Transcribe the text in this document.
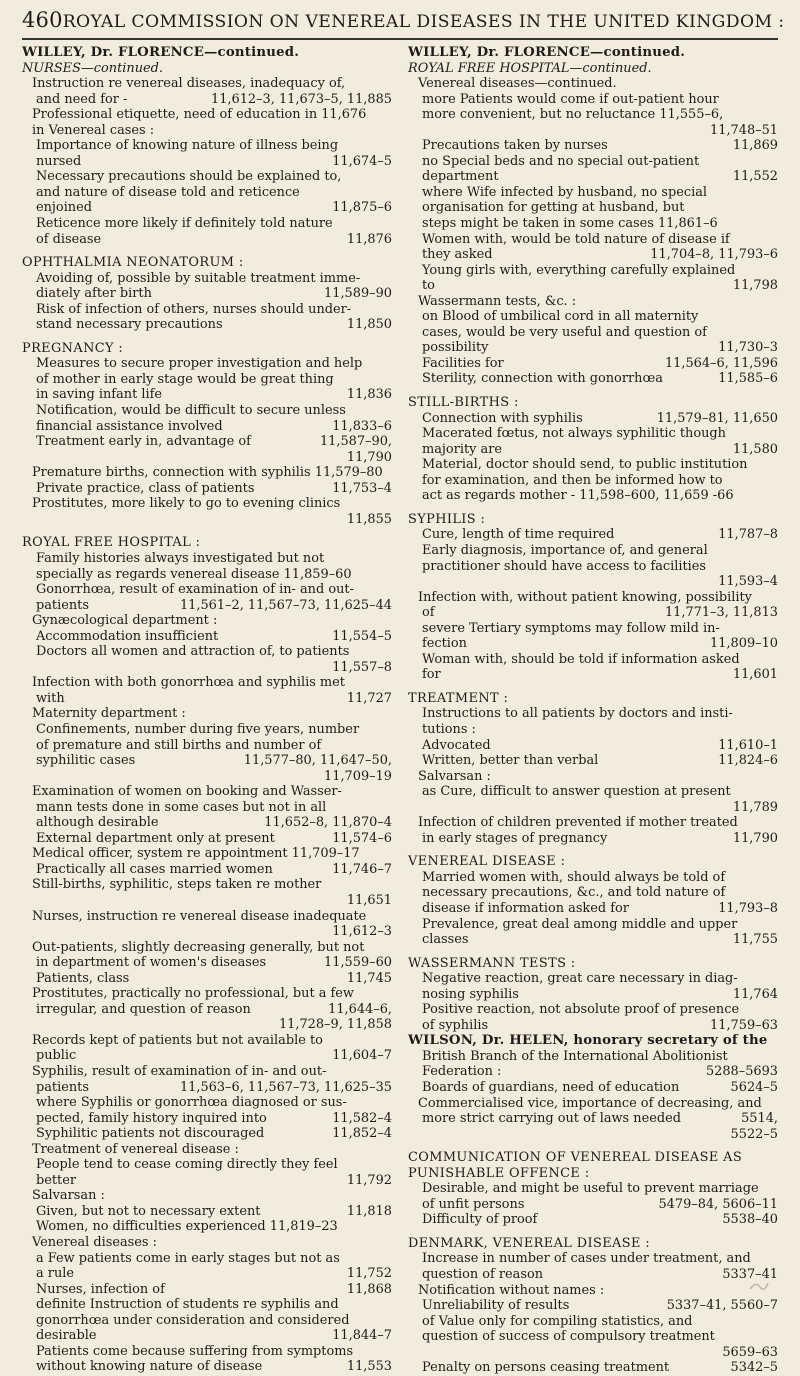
460 ROYAL COMMISSION ON VENEREAL DISEASES IN THE UNITED KINGDOM :
WILLEY, Dr. FLORENCE—continued.
NURSES—continued.
Instruction re venereal diseases, inadequacy of,
and need for -	11,612–3, 11,673–5, 11,885
Professional etiquette, need of education in 11,676
in Venereal cases :
Importance of knowing nature of illness being
nursed	11,674–5
Necessary precautions should be explained to,
and nature of disease told and reticence
enjoined	11,875–6
Reticence more likely if definitely told nature
of disease	11,876
OPHTHALMIA NEONATORUM :
Avoiding of, possible by suitable treatment imme-
diately after birth	11,589–90
Risk of infection of others, nurses should under-
stand necessary precautions	11,850
PREGNANCY :
Measures to secure proper investigation and help
of mother in early stage would be great thing
in saving infant life	11,836
Notification, would be difficult to secure unless
financial assistance involved	11,833–6
Treatment early in, advantage of	11,587–90,
11,790
Premature births, connection with syphilis 11,579–80
Private practice, class of patients	11,753–4
Prostitutes, more likely to go to evening clinics
11,855
ROYAL FREE HOSPITAL :
Family histories always investigated but not
specially as regards venereal disease 11,859–60
Gonorrhœa, result of examination of in- and out-
patients	11,561–2, 11,567–73, 11,625–44
Gynæcological department :
Accommodation insufficient	11,554–5
Doctors all women and attraction of, to patients
11,557–8
Infection with both gonorrhœa and syphilis met
with	11,727
Maternity department :
Confinements, number during five years, number
of premature and still births and number of
syphilitic cases	11,577–80, 11,647–50,
11,709–19
Examination of women on booking and Wasser-
mann tests done in some cases but not in all
although desirable	11,652–8, 11,870–4
External department only at present	11,574–6
Medical officer, system re appointment 11,709–17
Practically all cases married women	11,746–7
Still-births, syphilitic, steps taken re mother
11,651
Nurses, instruction re venereal disease inadequate
11,612–3
Out-patients, slightly decreasing generally, but not
in department of women's diseases	11,559–60
Patients, class	11,745
Prostitutes, practically no professional, but a few
irregular, and question of reason	11,644–6,
11,728–9, 11,858
Records kept of patients but not available to
public	11,604–7
Syphilis, result of examination of in- and out-
patients	11,563–6, 11,567–73, 11,625–35
where Syphilis or gonorrhœa diagnosed or sus-
pected, family history inquired into	11,582–4
Syphilitic patients not discouraged	11,852–4
Treatment of venereal disease :
People tend to cease coming directly they feel
better	11,792
Salvarsan :
Given, but not to necessary extent	11,818
Women, no difficulties experienced 11,819–23
Venereal diseases :
a Few patients come in early stages but not as
a rule	11,752
Nurses, infection of	11,868
definite Instruction of students re syphilis and
gonorrhœa under consideration and considered
desirable	11,844–7
Patients come because suffering from symptoms
without knowing nature of disease	11,553
WILLEY, Dr. FLORENCE—continued.
ROYAL FREE HOSPITAL—continued.
Venereal diseases—continued.
more Patients would come if out-patient hour
more convenient, but no reluctance 11,555–6,
11,748–51
Precautions taken by nurses	11,869
no Special beds and no special out-patient
department	11,552
where Wife infected by husband, no special
organisation for getting at husband, but
steps might be taken in some cases 11,861–6
Women with, would be told nature of disease if
they asked	11,704–8, 11,793–6
Young girls with, everything carefully explained
to	11,798
Wassermann tests, &c. :
on Blood of umbilical cord in all maternity
cases, would be very useful and question of
possibility	11,730–3
Facilities for	11,564–6, 11,596
Sterility, connection with gonorrhœa	11,585–6
STILL-BIRTHS :
Connection with syphilis	11,579–81, 11,650
Macerated fœtus, not always syphilitic though
majority are	11,580
Material, doctor should send, to public institution
for examination, and then be informed how to
act as regards mother - 11,598–600, 11,659 -66
SYPHILIS :
Cure, length of time required	11,787–8
Early diagnosis, importance of, and general
practitioner should have access to facilities
11,593–4
Infection with, without patient knowing, possibility
of	11,771–3, 11,813
severe Tertiary symptoms may follow mild in-
fection	11,809–10
Woman with, should be told if information asked
for	11,601
TREATMENT :
Instructions to all patients by doctors and insti-
tutions :
Advocated	11,610–1
Written, better than verbal	11,824–6
Salvarsan :
as Cure, difficult to answer question at present
11,789
Infection of children prevented if mother treated
in early stages of pregnancy	11,790
VENEREAL DISEASE :
Married women with, should always be told of
necessary precautions, &c., and told nature of
disease if information asked for	11,793–8
Prevalence, great deal among middle and upper
classes	11,755
WASSERMANN TESTS :
Negative reaction, great care necessary in diag-
nosing syphilis	11,764
Positive reaction, not absolute proof of presence
of syphilis	11,759–63
WILSON, Dr. HELEN, honorary secretary of the
British Branch of the International Abolitionist
Federation :	5288–5693
Boards of guardians, need of education	5624–5
Commercialised vice, importance of decreasing, and
more strict carrying out of laws needed	5514,
5522–5
COMMUNICATION OF VENEREAL DISEASE AS PUNISHABLE OFFENCE :
Desirable, and might be useful to prevent marriage
of unfit persons	5479–84, 5606–11
Difficulty of proof	5538–40
DENMARK, VENEREAL DISEASE :
Increase in number of cases under treatment, and
question of reason	5337–41
Notification without names :
Unreliability of results	5337–41, 5560–7
of Value only for compiling statistics, and
question of success of compulsory treatment
5659–63
Penalty on persons ceasing treatment	5342–5
